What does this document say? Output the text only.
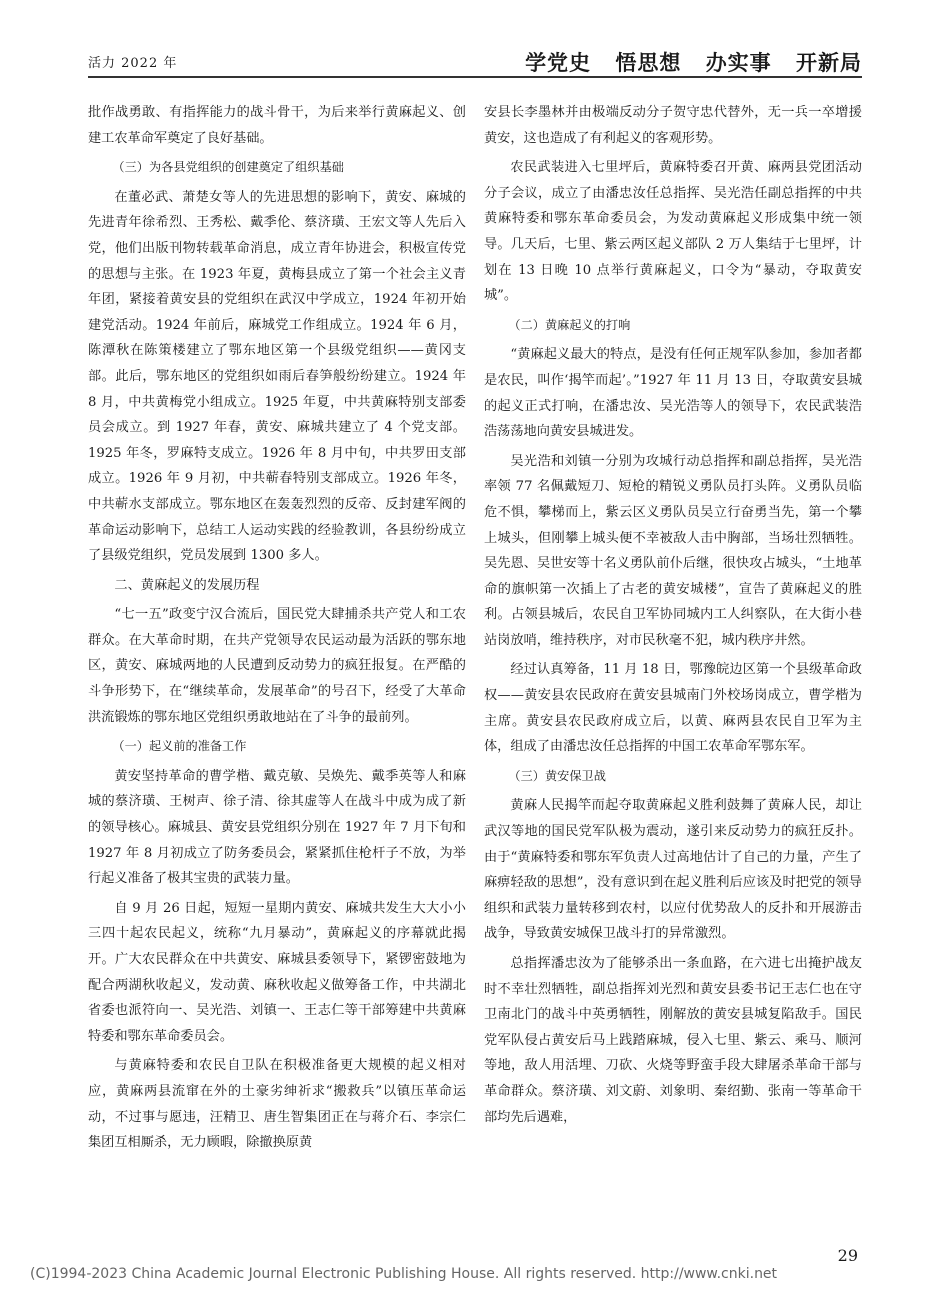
活力 2022 年	学党史 悟思想 办实事 开新局

批作战勇敢、有指挥能力的战斗骨干，为后来举行黄麻起义、创建工农革命军奠定了良好基础。

（三）为各县党组织的创建奠定了组织基础

在董必武、萧楚女等人的先进思想的影响下，黄安、麻城的先进青年徐希烈、王秀松、戴季伦、蔡济璜、王宏文等人先后入党，他们出版刊物转载革命消息，成立青年协进会，积极宣传党的思想与主张。在 1923 年夏，黄梅县成立了第一个社会主义青年团，紧接着黄安县的党组织在武汉中学成立，1924 年初开始建党活动。1924 年前后，麻城党工作组成立。1924 年 6 月，陈潭秋在陈策楼建立了鄂东地区第一个县级党组织——黄冈支部。此后，鄂东地区的党组织如雨后春笋般纷纷建立。1924 年 8 月，中共黄梅党小组成立。1925 年夏，中共黄麻特别支部委员会成立。到 1927 年春，黄安、麻城共建立了 4 个党支部。1925 年冬，罗麻特支成立。1926 年 8 月中旬，中共罗田支部成立。1926 年 9 月初，中共蕲春特别支部成立。1926 年冬，中共蕲水支部成立。鄂东地区在轰轰烈烈的反帝、反封建军阀的革命运动影响下，总结工人运动实践的经验教训，各县纷纷成立了县级党组织，党员发展到 1300 多人。

二、黄麻起义的发展历程

“七一五”政变宁汉合流后，国民党大肆捕杀共产党人和工农群众。在大革命时期，在共产党领导农民运动最为活跃的鄂东地区，黄安、麻城两地的人民遭到反动势力的疯狂报复。在严酷的斗争形势下，在“继续革命，发展革命”的号召下，经受了大革命洪流锻炼的鄂东地区党组织勇敢地站在了斗争的最前列。

（一）起义前的准备工作

黄安坚持革命的曹学楷、戴克敏、吴焕先、戴季英等人和麻城的蔡济璜、王树声、徐子清、徐其虚等人在战斗中成为成了新的领导核心。麻城县、黄安县党组织分别在 1927 年 7 月下旬和 1927 年 8 月初成立了防务委员会，紧紧抓住枪杆子不放，为举行起义准备了极其宝贵的武装力量。

自 9 月 26 日起，短短一星期内黄安、麻城共发生大大小小三四十起农民起义，统称“九月暴动”，黄麻起义的序幕就此揭开。广大农民群众在中共黄安、麻城县委领导下，紧锣密鼓地为配合两湖秋收起义，发动黄、麻秋收起义做筹备工作，中共湖北省委也派符向一、吴光浩、刘镇一、王志仁等干部筹建中共黄麻特委和鄂东革命委员会。

与黄麻特委和农民自卫队在积极准备更大规模的起义相对应，黄麻两县流窜在外的土豪劣绅祈求“搬救兵”以镇压革命运动，不过事与愿违，汪精卫、唐生智集团正在与蒋介石、李宗仁集团互相厮杀，无力顾暇，除撤换原黄

安县长李墨林并由极端反动分子贺守忠代替外，无一兵一卒增援黄安，这也造成了有利起义的客观形势。

农民武装进入七里坪后，黄麻特委召开黄、麻两县党团活动分子会议，成立了由潘忠汝任总指挥、吴光浩任副总指挥的中共黄麻特委和鄂东革命委员会，为发动黄麻起义形成集中统一领导。几天后，七里、紫云两区起义部队 2 万人集结于七里坪，计划在 13 日晚 10 点举行黄麻起义，口令为“暴动，夺取黄安城”。

（二）黄麻起义的打响

“黄麻起义最大的特点，是没有任何正规军队参加，参加者都是农民，叫作‘揭竿而起’。”1927 年 11 月 13 日，夺取黄安县城的起义正式打响，在潘忠汝、吴光浩等人的领导下，农民武装浩浩荡荡地向黄安县城进发。

吴光浩和刘镇一分别为攻城行动总指挥和副总指挥，吴光浩率领 77 名佩戴短刀、短枪的精锐义勇队员打头阵。义勇队员临危不惧，攀梯而上，紫云区义勇队员吴立行奋勇当先，第一个攀上城头，但刚攀上城头便不幸被敌人击中胸部，当场壮烈牺牲。吴先恩、吴世安等十名义勇队前仆后继，很快攻占城头，“土地革命的旗帜第一次插上了古老的黄安城楼”，宣告了黄麻起义的胜利。占领县城后，农民自卫军协同城内工人纠察队，在大街小巷站岗放哨，维持秩序，对市民秋毫不犯，城内秩序井然。

经过认真筹备，11 月 18 日，鄂豫皖边区第一个县级革命政权——黄安县农民政府在黄安县城南门外校场岗成立，曹学楷为主席。黄安县农民政府成立后，以黄、麻两县农民自卫军为主体，组成了由潘忠汝任总指挥的中国工农革命军鄂东军。

（三）黄安保卫战

黄麻人民揭竿而起夺取黄麻起义胜利鼓舞了黄麻人民，却让武汉等地的国民党军队极为震动，遂引来反动势力的疯狂反扑。由于“黄麻特委和鄂东军负责人过高地估计了自己的力量，产生了麻痹轻敌的思想”，没有意识到在起义胜利后应该及时把党的领导组织和武装力量转移到农村，以应付优势敌人的反扑和开展游击战争，导致黄安城保卫战斗打的异常激烈。

总指挥潘忠汝为了能够杀出一条血路，在六进七出掩护战友时不幸壮烈牺牲，副总指挥刘光烈和黄安县委书记王志仁也在守卫南北门的战斗中英勇牺牲，刚解放的黄安县城复陷敌手。国民党军队侵占黄安后马上践踏麻城，侵入七里、紫云、乘马、顺河等地，敌人用活埋、刀砍、火烧等野蛮手段大肆屠杀革命干部与革命群众。蔡济璜、刘文蔚、刘象明、秦绍勤、张南一等革命干部均先后遇难，

29
(C)1994-2023 China Academic Journal Electronic Publishing House. All rights reserved. http://www.cnki.net
